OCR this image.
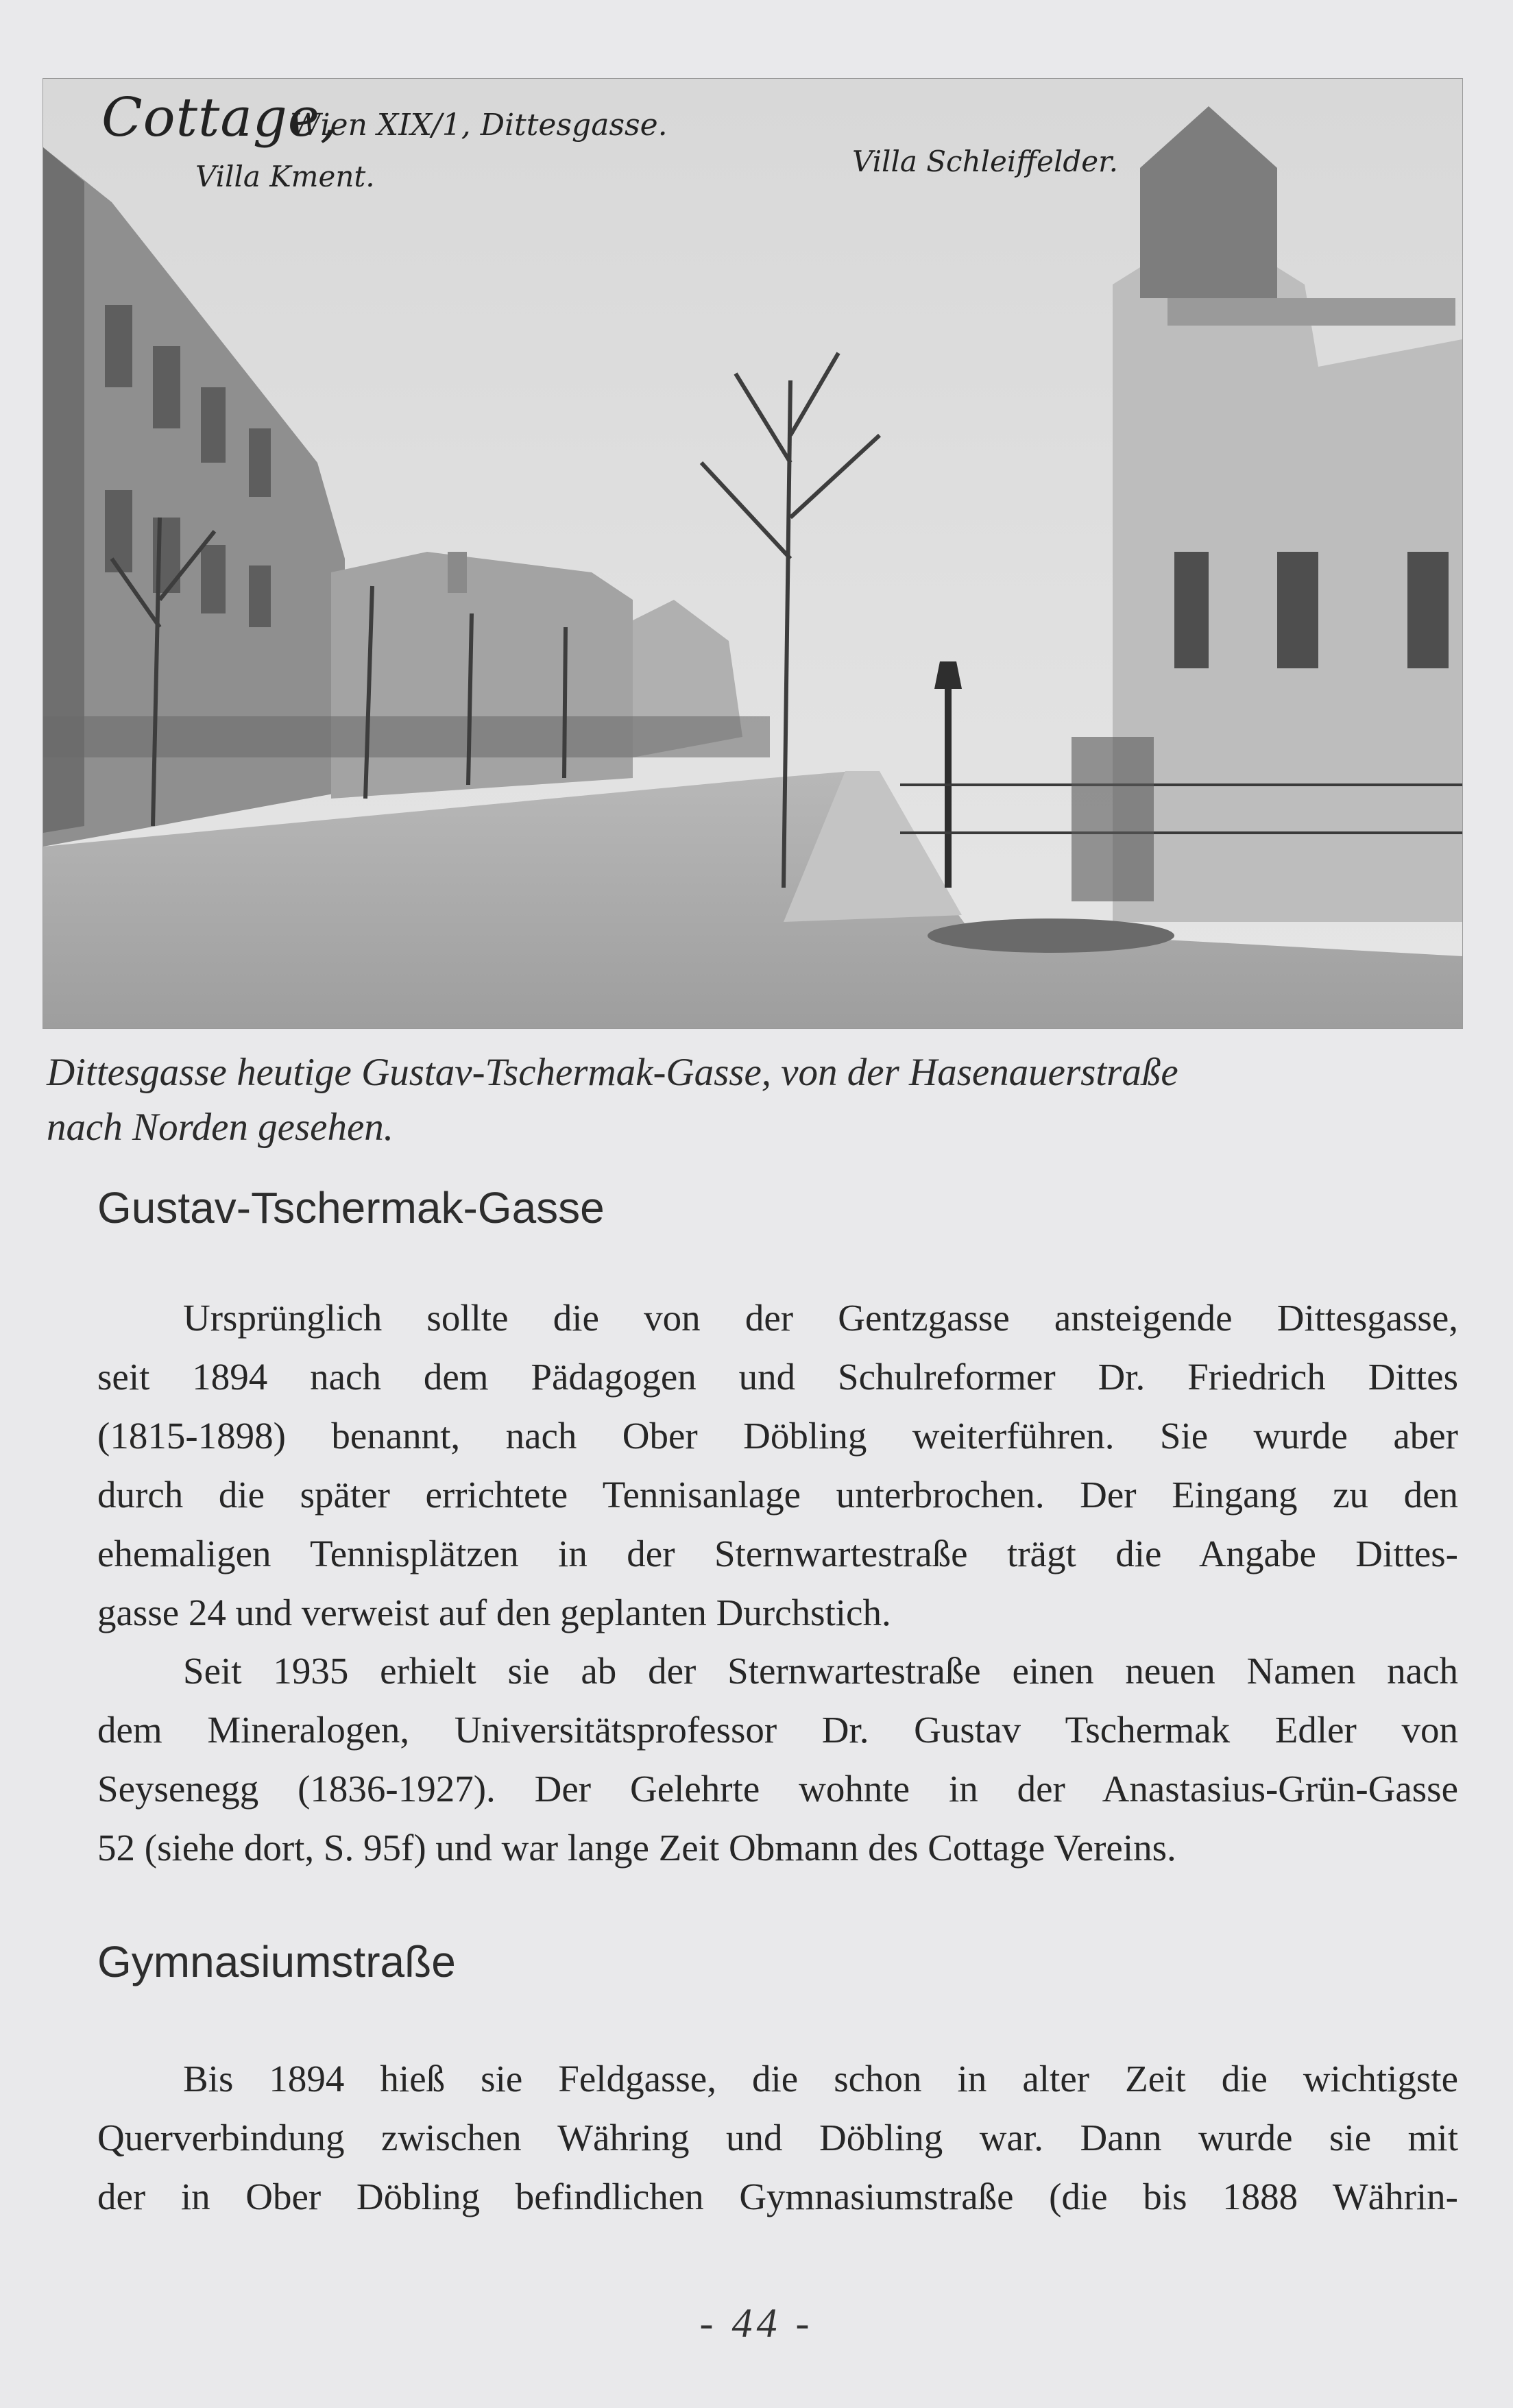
Cottage,
Wien XIX/1, Dittesgasse.
Villa Kment.	Villa Schleiffelder.
Dittesgasse heutige Gustav-Tschermak-Gasse, von der Hasenauerstraße
nach Norden gesehen.
Gustav-Tschermak-Gasse
Ursprünglich sollte die von der Gentzgasse ansteigende Dittesgasse,
seit 1894 nach dem Pädagogen und Schulreformer Dr. Friedrich Dittes
(1815-1898) benannt, nach Ober Döbling weiterführen. Sie wurde aber
durch die später errichtete Tennisanlage unterbrochen. Der Eingang zu den
ehemaligen Tennisplätzen in der Sternwartestraße trägt die Angabe Dittes-
gasse 24 und verweist auf den geplanten Durchstich.
Seit 1935 erhielt sie ab der Sternwartestraße einen neuen Namen nach
dem Mineralogen, Universitätsprofessor Dr. Gustav Tschermak Edler von
Seysenegg (1836-1927). Der Gelehrte wohnte in der Anastasius-Grün-Gasse
52 (siehe dort, S. 95f) und war lange Zeit Obmann des Cottage Vereins.
Gymnasiumstraße
Bis 1894 hieß sie Feldgasse, die schon in alter Zeit die wichtigste
Querverbindung zwischen Währing und Döbling war. Dann wurde sie mit
der in Ober Döbling befindlichen Gymnasiumstraße (die bis 1888 Währin-
- 44 -
